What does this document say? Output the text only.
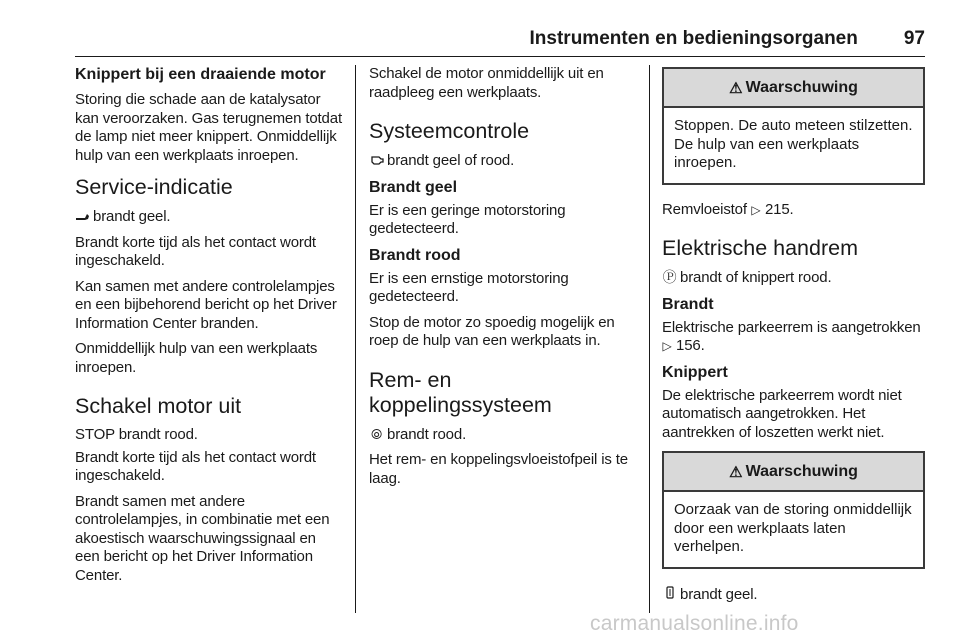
Instrumenten en bedieningsorganen 97
Knippert bij een draaiende motor
Storing die schade aan de katalysator kan veroorzaken. Gas terugnemen totdat de lamp niet meer knippert. Onmiddellijk hulp van een werkplaats inroepen.
Service-indicatie
brandt geel.
Brandt korte tijd als het contact wordt ingeschakeld.
Kan samen met andere controlelampjes en een bijbehorend bericht op het Driver Information Center branden.
Onmiddellijk hulp van een werkplaats inroepen.
Schakel motor uit
STOP brandt rood.
Brandt korte tijd als het contact wordt ingeschakeld.
Brandt samen met andere controlelampjes, in combinatie met een akoestisch waarschuwingssignaal en een bericht op het Driver Information Center.
Schakel de motor onmiddellijk uit en raadpleeg een werkplaats.
Systeemcontrole
brandt geel of rood.
Brandt geel
Er is een geringe motorstoring gedetecteerd.
Brandt rood
Er is een ernstige motorstoring gedetecteerd.
Stop de motor zo spoedig mogelijk en roep de hulp van een werkplaats in.
Rem- en
koppelingssysteem
⦾ brandt rood.
Het rem- en koppelingsvloeistofpeil is te laag.
⚠ Waarschuwing
Stoppen. De auto meteen stilzetten. De hulp van een werkplaats inroepen.
Remvloeistof ▷ 215.
Elektrische handrem
Ⓟ brandt of knippert rood.
Brandt
Elektrische parkeerrem is aangetrokken ▷ 156.
Knippert
De elektrische parkeerrem wordt niet automatisch aangetrokken. Het aantrekken of loszetten werkt niet.
⚠ Waarschuwing
Oorzaak van de storing onmiddellijk door een werkplaats laten verhelpen.
brandt geel.
carmanualsonline.info
